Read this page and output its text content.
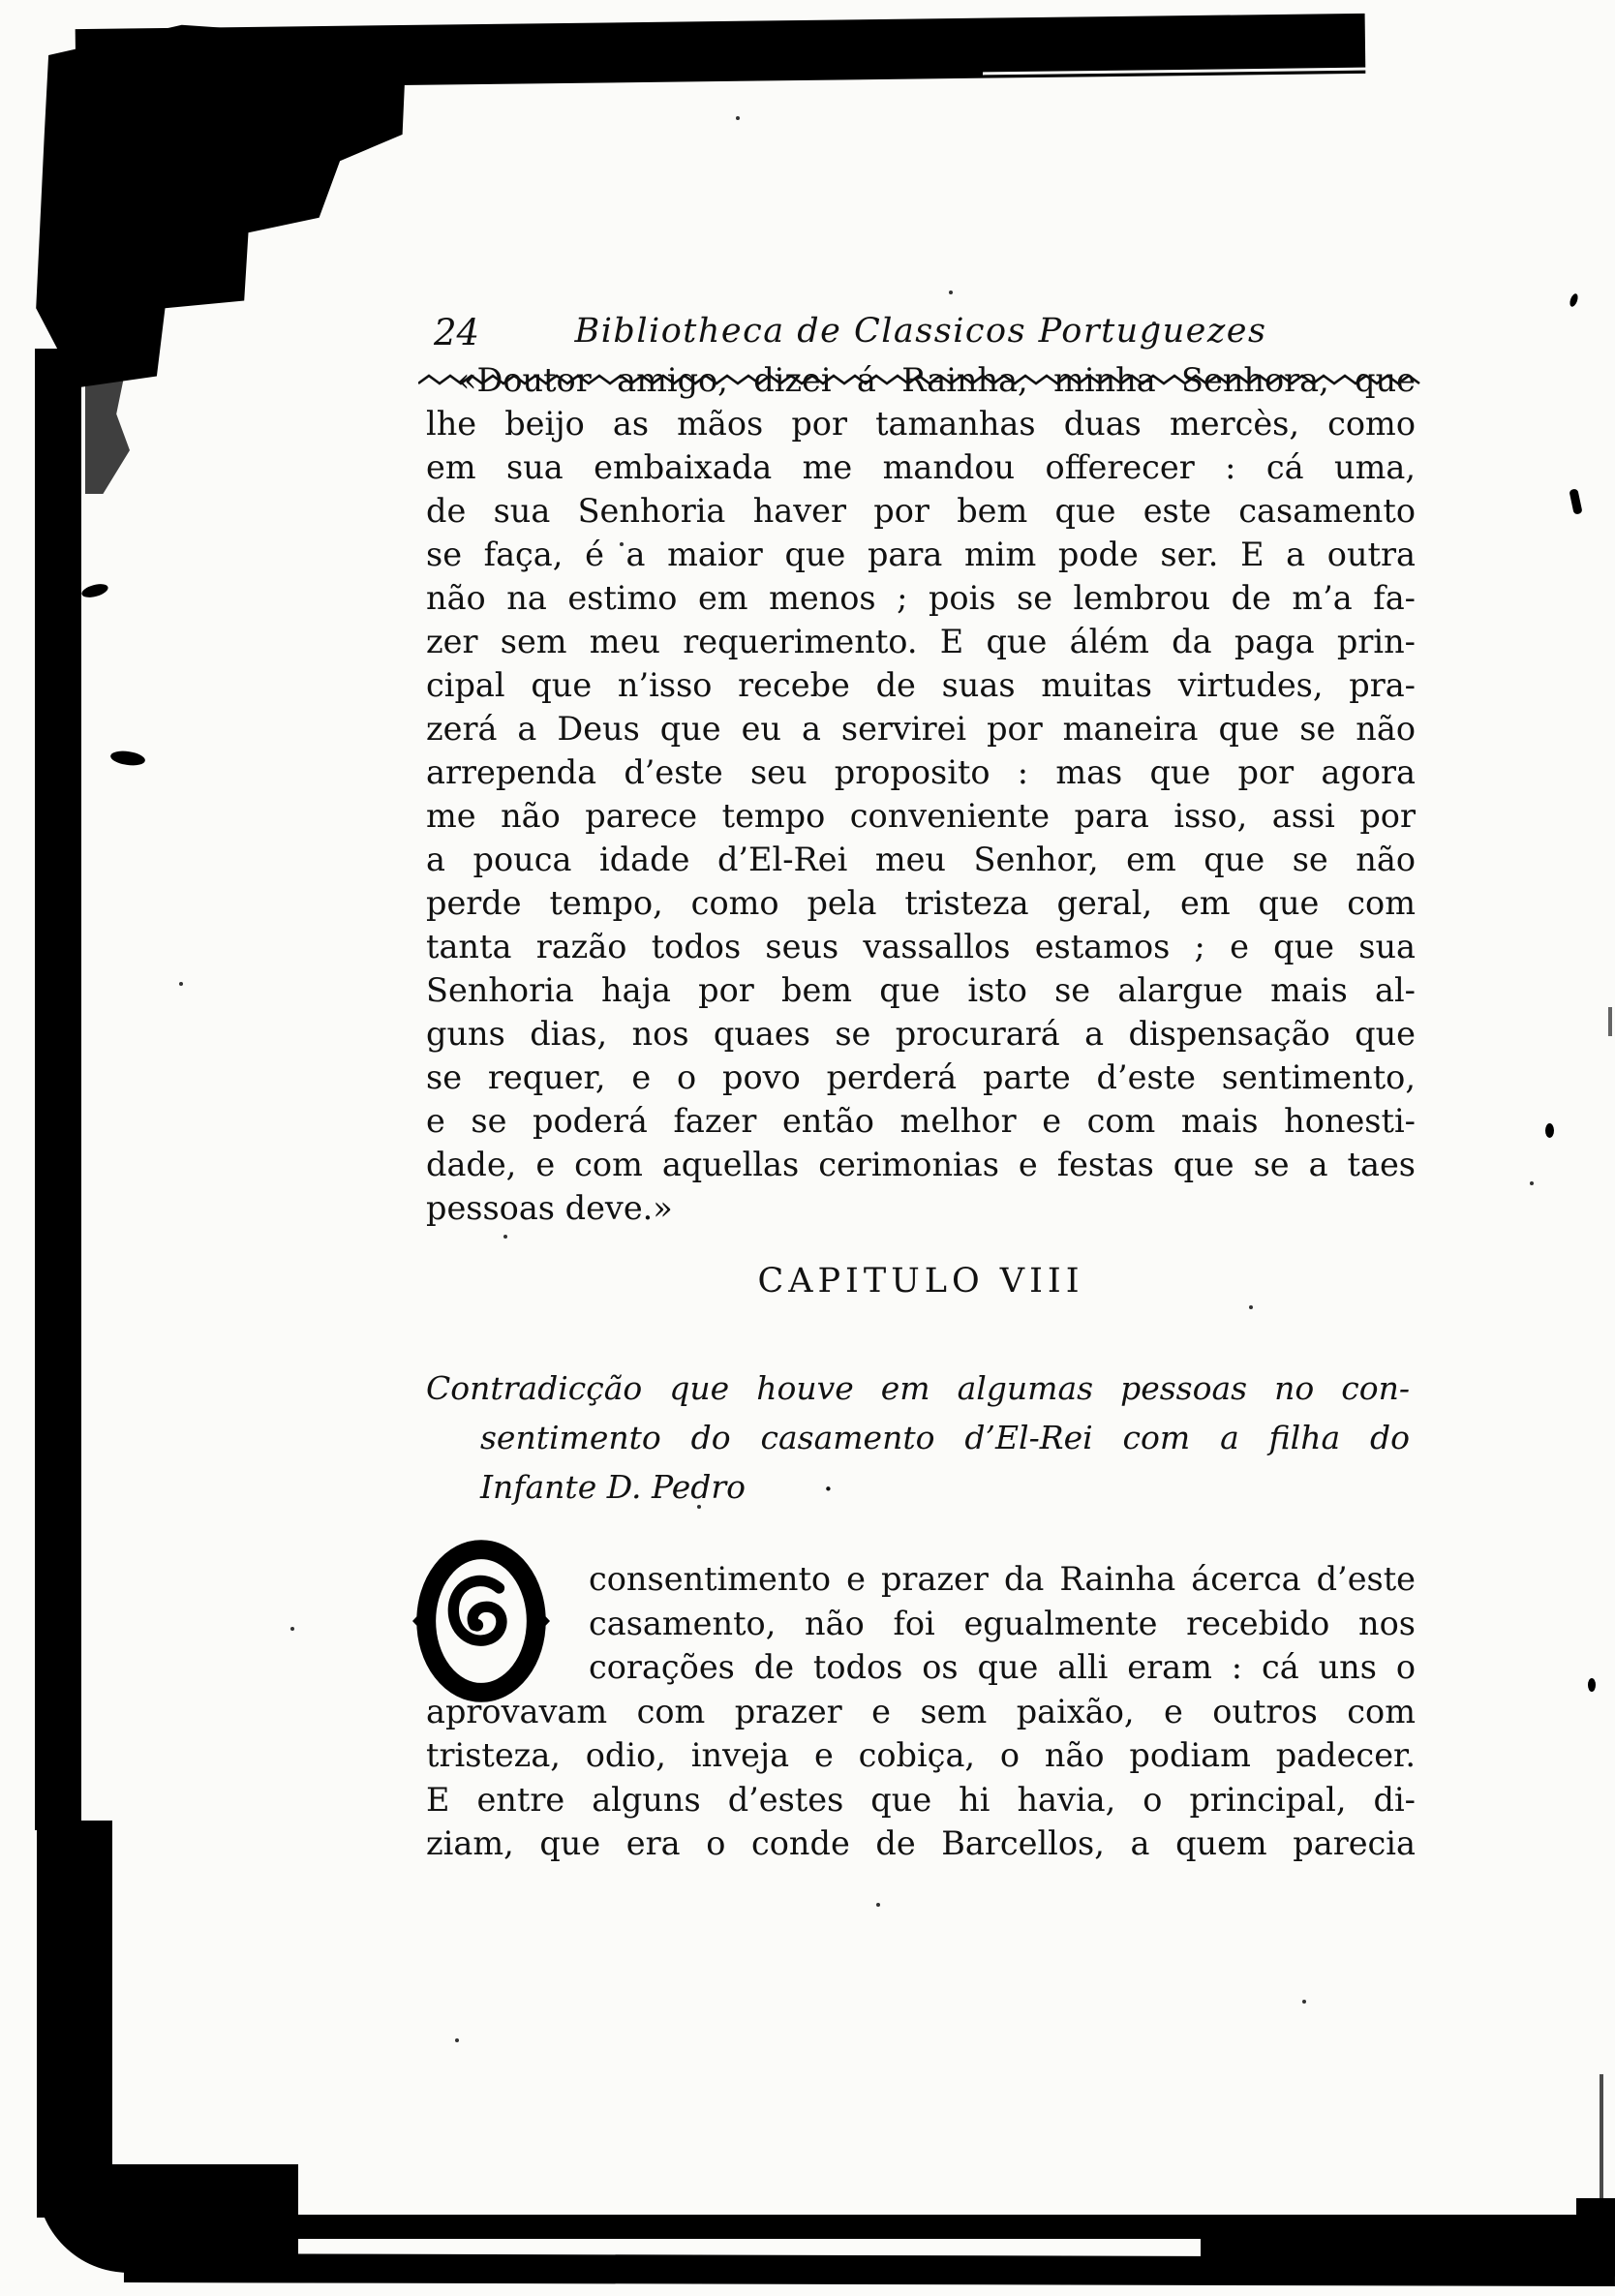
24	Bibliotheca de Classicos Portuguezes
«Doutor amigo, dizei á Rainha, minha Senhora, que
lhe beijo as mãos por tamanhas duas mercès, como
em sua embaixada me mandou offerecer : cá uma,
de sua Senhoria haver por bem que este casamento
se faça, é a maior que para mim pode ser. E a outra
não na estimo em menos ; pois se lembrou de m’a fa-
zer sem meu requerimento. E que álém da paga prin-
cipal que n’isso recebe de suas muitas virtudes, pra-
zerá a Deus que eu a servirei por maneira que se não
arrependa d’este seu proposito : mas que por agora
me não parece tempo conveniente para isso, assi por
a pouca idade d’El-Rei meu Senhor, em que se não
perde tempo, como pela tristeza geral, em que com
tanta razão todos seus vassallos estamos ; e que sua
Senhoria haja por bem que isto se alargue mais al-
guns dias, nos quaes se procurará a dispensação que
se requer, e o povo perderá parte d’este sentimento,
e se poderá fazer então melhor e com mais honesti-
dade, e com aquellas cerimonias e festas que se a taes
pessoas deve.»
CAPITULO VIII
Contradicção que houve em algumas pessoas no con-
sentimento do casamento d’El-Rei com a filha do
Infante D. Pedro	.
consentimento e prazer da Rainha ácerca d’este
casamento, não foi egualmente recebido nos
corações de todos os que alli eram : cá uns o
aprovavam com prazer e sem paixão, e outros com
tristeza, odio, inveja e cobiça, o não podiam padecer.
E entre alguns d’estes que hi havia, o principal, di-
ziam, que era o conde de Barcellos, a quem parecia
